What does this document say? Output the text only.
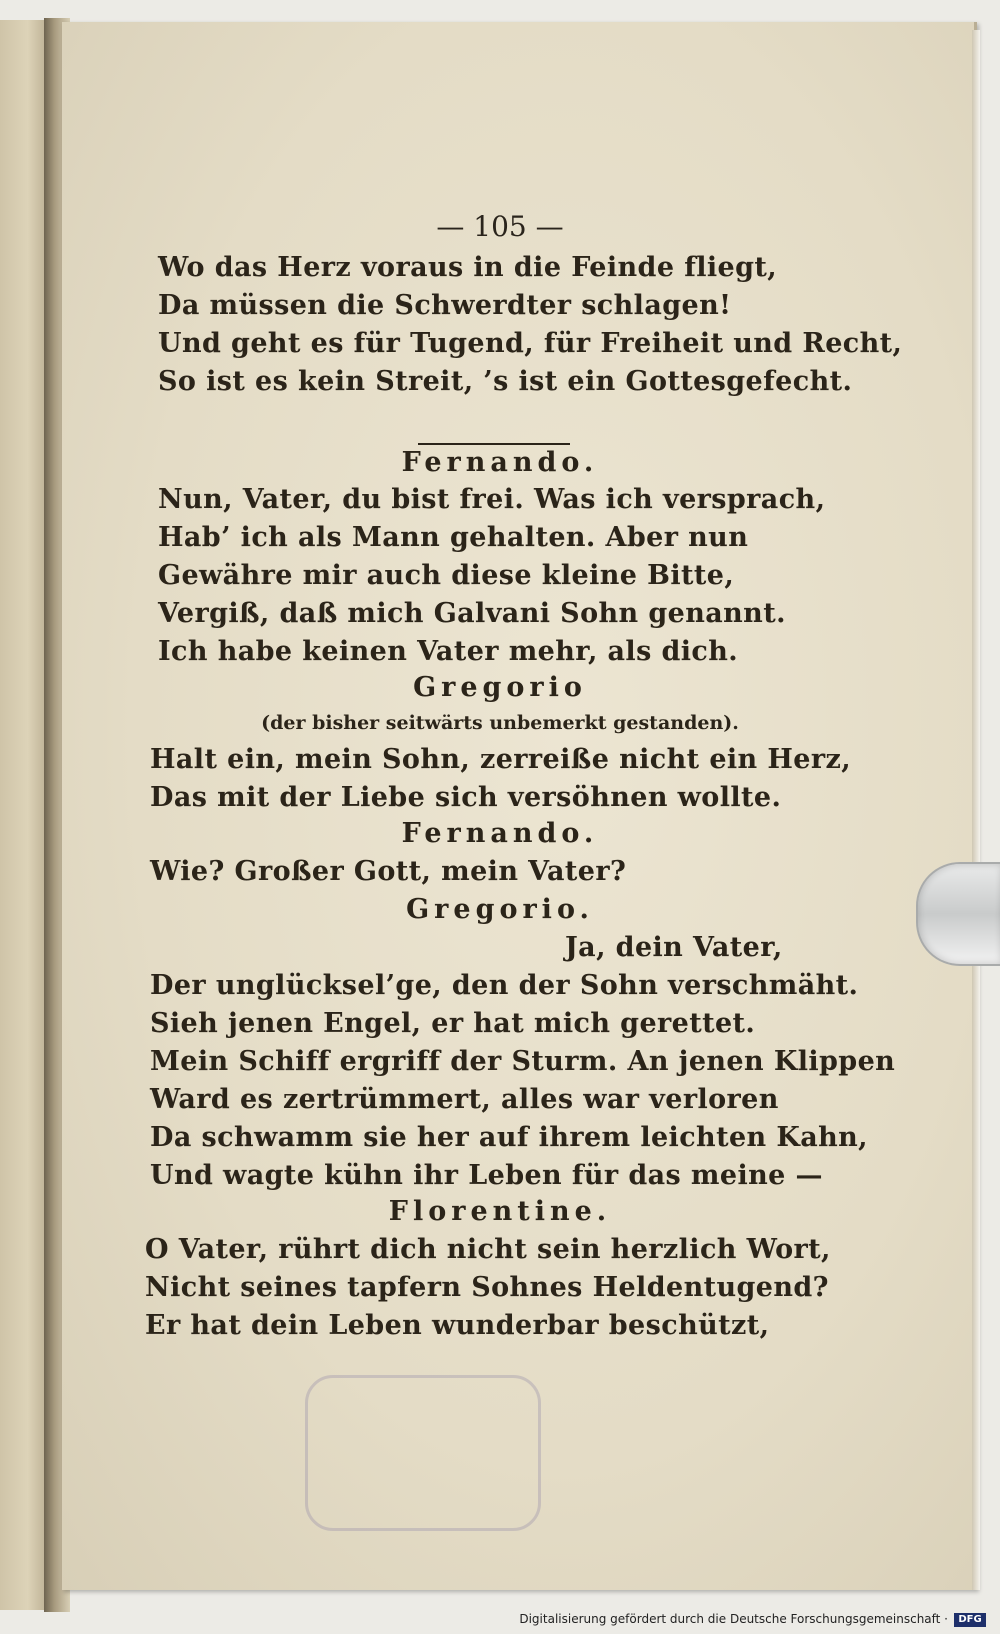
— 105 —
Wo das Herz voraus in die Feinde fliegt,
Da müssen die Schwerdter schlagen!
Und geht es für Tugend, für Freiheit und Recht,
So ist es kein Streit, ’s ist ein Gottesgefecht.
Fernando.
Nun, Vater, du bist frei. Was ich versprach,
Hab’ ich als Mann gehalten. Aber nun
Gewähre mir auch diese kleine Bitte,
Vergiß, daß mich Galvani Sohn genannt.
Ich habe keinen Vater mehr, als dich.
Gregorio
(der bisher seitwärts unbemerkt gestanden).
Halt ein, mein Sohn, zerreiße nicht ein Herz,
Das mit der Liebe sich versöhnen wollte.
Fernando.
Wie? Großer Gott, mein Vater?
Gregorio.
Ja, dein Vater,
Der unglücksel’ge, den der Sohn verschmäht.
Sieh jenen Engel, er hat mich gerettet.
Mein Schiff ergriff der Sturm. An jenen Klippen
Ward es zertrümmert, alles war verloren
Da schwamm sie her auf ihrem leichten Kahn,
Und wagte kühn ihr Leben für das meine —
Florentine.
O Vater, rührt dich nicht sein herzlich Wort,
Nicht seines tapfern Sohnes Heldentugend?
Er hat dein Leben wunderbar beschützt,
Digitalisierung gefördert durch die Deutsche Forschungsgemeinschaft ·	DFG
